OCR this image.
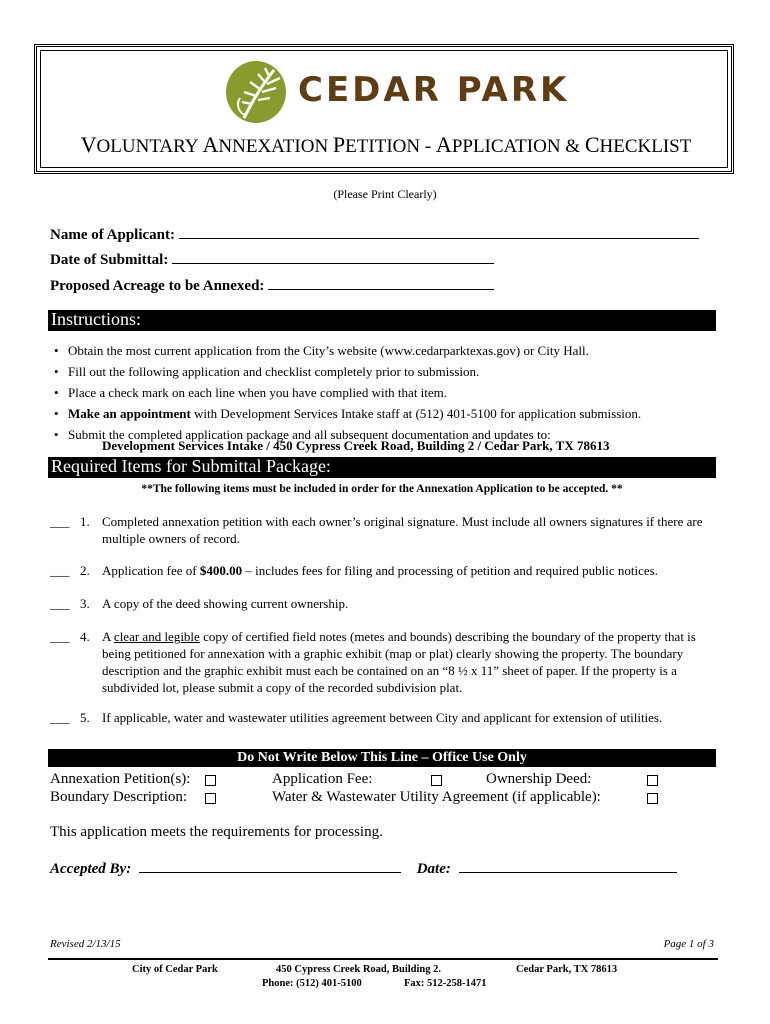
CEDAR PARK
VOLUNTARY ANNEXATION PETITION - APPLICATION & CHECKLIST
(Please Print Clearly)
Name of Applicant:
Date of Submittal:
Proposed Acreage to be Annexed:
Instructions:
• Obtain the most current application from the City’s website (www.cedarparktexas.gov) or City Hall.
• Fill out the following application and checklist completely prior to submission.
• Place a check mark on each line when you have complied with that item.
• Make an appointment with Development Services Intake staff at (512) 401-5100 for application submission.
• Submit the completed application package and all subsequent documentation and updates to:
Development Services Intake / 450 Cypress Creek Road, Building 2 / Cedar Park, TX 78613
Required Items for Submittal Package:
**The following items must be included in order for the Annexation Application to be accepted. **
___ 1. Completed annexation petition with each owner’s original signature. Must include all owners signatures if there are multiple owners of record.
___ 2. Application fee of $400.00 – includes fees for filing and processing of petition and required public notices.
___ 3. A copy of the deed showing current ownership.
___ 4. A clear and legible copy of certified field notes (metes and bounds) describing the boundary of the property that is being petitioned for annexation with a graphic exhibit (map or plat) clearly showing the property. The boundary description and the graphic exhibit must each be contained on an “8 ½ x 11” sheet of paper. If the property is a subdivided lot, please submit a copy of the recorded subdivision plat.
___ 5. If applicable, water and wastewater utilities agreement between City and applicant for extension of utilities.
Do Not Write Below This Line – Office Use Only
Annexation Petition(s):	Application Fee:	Ownership Deed:
Boundary Description:	Water & Wastewater Utility Agreement (if applicable):
This application meets the requirements for processing.
Accepted By:	Date:
Revised 2/13/15	Page 1 of 3
City of Cedar Park	450 Cypress Creek Road, Building 2.	Cedar Park, TX 78613
Phone: (512) 401-5100	Fax: 512-258-1471
